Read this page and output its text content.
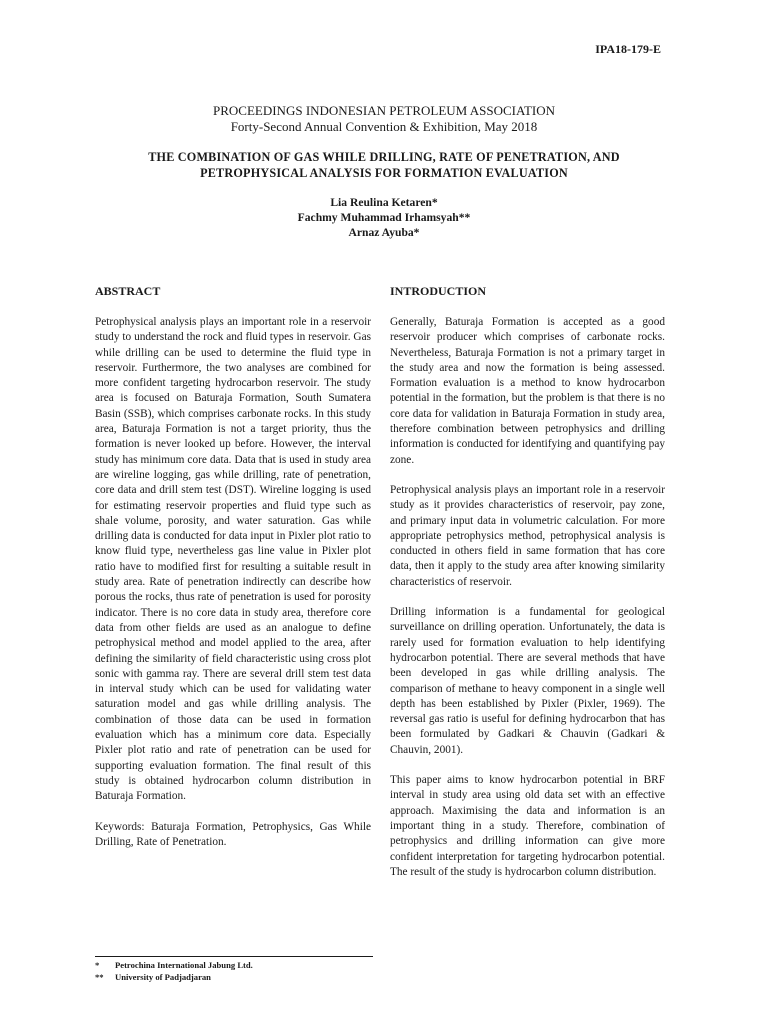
IPA18-179-E
PROCEEDINGS INDONESIAN PETROLEUM ASSOCIATION
Forty-Second Annual Convention & Exhibition, May 2018
THE COMBINATION OF GAS WHILE DRILLING, RATE OF PENETRATION, AND
PETROPHYSICAL ANALYSIS FOR FORMATION EVALUATION
Lia Reulina Ketaren*
Fachmy Muhammad Irhamsyah**
Arnaz Ayuba*
ABSTRACT

Petrophysical analysis plays an important role in a reservoir study to understand the rock and fluid types in reservoir. Gas while drilling can be used to determine the fluid type in reservoir. Furthermore, the two analyses are combined for more confident targeting hydrocarbon reservoir. The study area is focused on Baturaja Formation, South Sumatera Basin (SSB), which comprises carbonate rocks. In this study area, Baturaja Formation is not a target priority, thus the formation is never looked up before. However, the interval study has minimum core data. Data that is used in study area are wireline logging, gas while drilling, rate of penetration, core data and drill stem test (DST). Wireline logging is used for estimating reservoir properties and fluid type such as shale volume, porosity, and water saturation. Gas while drilling data is conducted for data input in Pixler plot ratio to know fluid type, nevertheless gas line value in Pixler plot ratio have to modified first for resulting a suitable result in study area. Rate of penetration indirectly can describe how porous the rocks, thus rate of penetration is used for porosity indicator. There is no core data in study area, therefore core data from other fields are used as an analogue to define petrophysical method and model applied to the area, after defining the similarity of field characteristic using cross plot sonic with gamma ray. There are several drill stem test data in interval study which can be used for validating water saturation model and gas while drilling analysis. The combination of those data can be used in formation evaluation which has a minimum core data. Especially Pixler plot ratio and rate of penetration can be used for supporting evaluation formation. The final result of this study is obtained hydrocarbon column distribution in Baturaja Formation.

Keywords: Baturaja Formation, Petrophysics, Gas While Drilling, Rate of Penetration.

INTRODUCTION

Generally, Baturaja Formation is accepted as a good reservoir producer which comprises of carbonate rocks. Nevertheless, Baturaja Formation is not a primary target in the study area and now the formation is being assessed. Formation evaluation is a method to know hydrocarbon potential in the formation, but the problem is that there is no core data for validation in Baturaja Formation in study area, therefore combination between petrophysics and drilling information is conducted for identifying and quantifying pay zone.

Petrophysical analysis plays an important role in a reservoir study as it provides characteristics of reservoir, pay zone, and primary input data in volumetric calculation. For more appropriate petrophysics method, petrophysical analysis is conducted in others field in same formation that has core data, then it apply to the study area after knowing similarity characteristics of reservoir.

Drilling information is a fundamental for geological surveillance on drilling operation. Unfortunately, the data is rarely used for formation evaluation to help identifying hydrocarbon potential. There are several methods that have been developed in gas while drilling analysis. The comparison of methane to heavy component in a single well depth has been established by Pixler (Pixler, 1969). The reversal gas ratio is useful for defining hydrocarbon that has been formulated by Gadkari & Chauvin (Gadkari & Chauvin, 2001).

This paper aims to know hydrocarbon potential in BRF interval in study area using old data set with an effective approach. Maximising the data and information is an important thing in a study. Therefore, combination of petrophysics and drilling information can give more confident interpretation for targeting hydrocarbon potential. The result of the study is hydrocarbon column distribution.

*	Petrochina International Jabung Ltd.
**	University of Padjadjaran
